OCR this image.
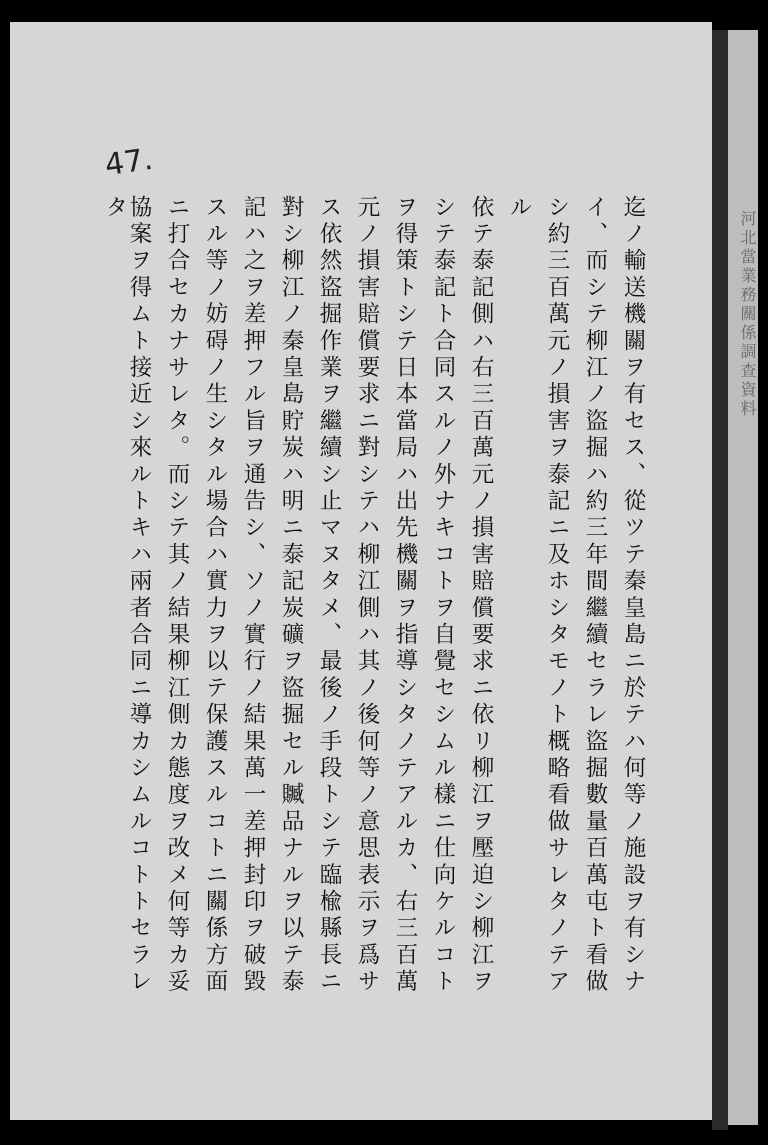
47.
迄ノ輸送機關ヲ有セス、從ツテ秦皇島ニ於テハ何等ノ施設ヲ有シナ
イ、而シテ柳江ノ盜掘ハ約三年間繼續セラレ盜掘數量百萬屯ト看做
シ約三百萬元ノ損害ヲ泰記ニ及ホシタモノト概略看做サレタノテア
ル
依テ泰記側ハ右三百萬元ノ損害賠償要求ニ依リ柳江ヲ壓迫シ柳江ヲ
シテ泰記ト合同スルノ外ナキコトヲ自覺セシムル樣ニ仕向ケルコト
ヲ得策トシテ日本當局ハ出先機關ヲ指導シタノテアルカ、右三百萬
元ノ損害賠償要求ニ對シテハ柳江側ハ其ノ後何等ノ意思表示ヲ爲サ
ス依然盜掘作業ヲ繼續シ止マヌタメ、最後ノ手段トシテ臨楡縣長ニ
對シ柳江ノ秦皇島貯炭ハ明ニ泰記炭礦ヲ盜掘セル贓品ナルヲ以テ泰
記ハ之ヲ差押フル旨ヲ通告シ、ソノ實行ノ結果萬一差押封印ヲ破毀
スル等ノ妨碍ノ生シタル場合ハ實力ヲ以テ保護スルコトニ關係方面
ニ打合セカナサレタ。而シテ其ノ結果柳江側カ態度ヲ改メ何等カ妥
協案ヲ得ムト接近シ來ルトキハ兩者合同ニ導カシムルコトトセラレ
タ
河北當業務關係調查資料
